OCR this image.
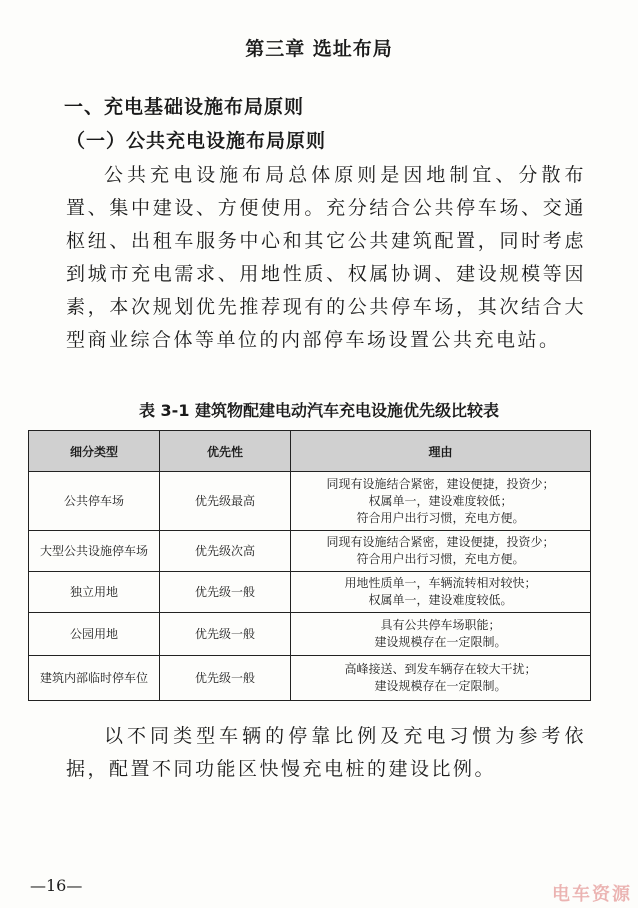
第三章 选址布局
一、充电基础设施布局原则
（一）公共充电设施布局原则

公共充电设施布局总体原则是因地制宜、分散布置、集中建设、方便使用。充分结合公共停车场、交通枢纽、出租车服务中心和其它公共建筑配置，同时考虑到城市充电需求、用地性质、权属协调、建设规模等因素，本次规划优先推荐现有的公共停车场，其次结合大型商业综合体等单位的内部停车场设置公共充电站。

表 3-1 建筑物配建电动汽车充电设施优先级比较表
细分类型	优先性	理由
公共停车场	优先级最高	同现有设施结合紧密，建设便捷，投资少；
权属单一，建设难度较低；
符合用户出行习惯，充电方便。

大型公共设施停车场	优先级次高	同现有设施结合紧密，建设便捷，投资少；
符合用户出行习惯，充电方便。

独立用地	优先级一般	用地性质单一，车辆流转相对较快；
权属单一，建设难度较低。

公园用地	优先级一般	具有公共停车场职能；
建设规模存在一定限制。

建筑内部临时停车位	优先级一般	高峰接送、到发车辆存在较大干扰；
建设规模存在一定限制。

以不同类型车辆的停靠比例及充电习惯为参考依据，配置不同功能区快慢充电桩的建设比例。

—16—	电车资源
